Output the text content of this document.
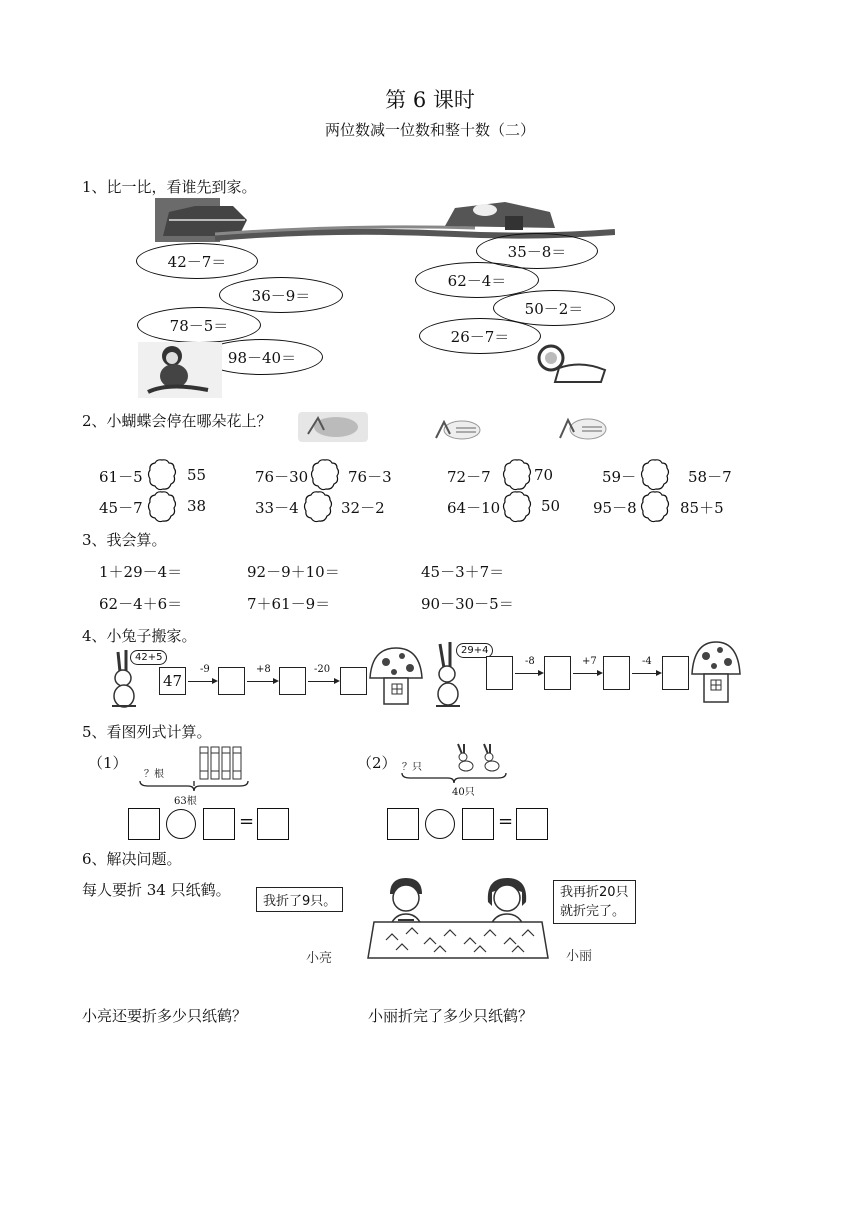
第 6 课时
两位数减一位数和整十数（二）
1、比一比，看谁先到家。
42－7＝
36－9＝
78－5＝
98－40＝
35－8＝
62－4＝
50－2＝
26－7＝
2、小蝴蝶会停在哪朵花上？
61－5	55	76－30	76－3	72－7	70	59－	58－7
45－7	38	33－4	32－2	64－10	50 95－8	85＋5
3、我会算。
1＋29－4＝	92－9＋10＝	45－3＋7＝
62－4＋6＝	7＋61－9＝	90－30－5＝
4、小兔子搬家。
42+5
47
-9	+8	-20
29+4
-8	+7	-4
5、看图列式计算。
（1）
？根
63根
=
（2） ？只
40只
=
6、解决问题。
每人要折 34 只纸鹤。
我折了9只。
我再折20只
就折完了。
小亮	小丽
小亮还要折多少只纸鹤？	小丽折完了多少只纸鹤？
